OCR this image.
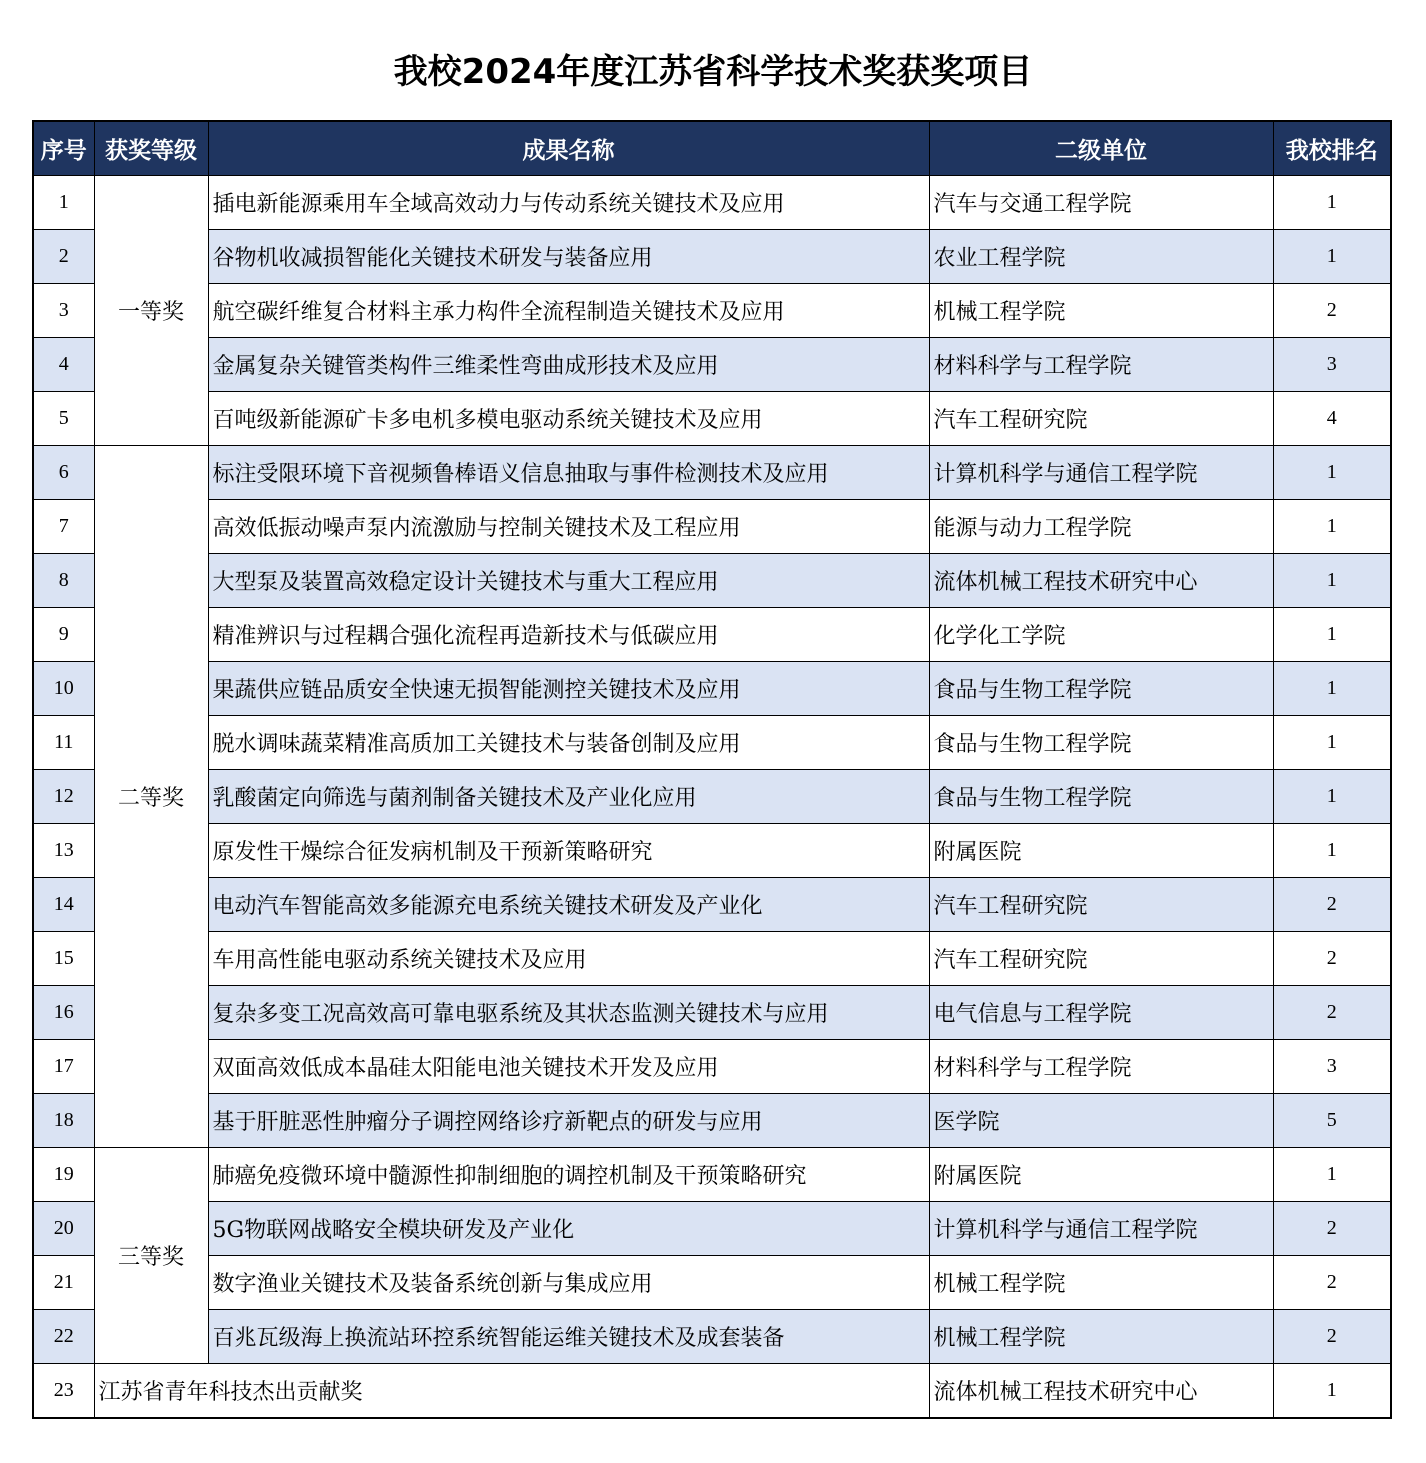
我校2024年度江苏省科学技术奖获奖项目
序号	获奖等级	成果名称	二级单位	我校排名
1	一等奖	插电新能源乘用车全域高效动力与传动系统关键技术及应用	汽车与交通工程学院	1
2		谷物机收减损智能化关键技术研发与装备应用	农业工程学院	1
3		航空碳纤维复合材料主承力构件全流程制造关键技术及应用	机械工程学院	2
4		金属复杂关键管类构件三维柔性弯曲成形技术及应用	材料科学与工程学院	3
5		百吨级新能源矿卡多电机多模电驱动系统关键技术及应用	汽车工程研究院	4
6	二等奖	标注受限环境下音视频鲁棒语义信息抽取与事件检测技术及应用	计算机科学与通信工程学院	1
7		高效低振动噪声泵内流激励与控制关键技术及工程应用	能源与动力工程学院	1
8		大型泵及装置高效稳定设计关键技术与重大工程应用	流体机械工程技术研究中心	1
9		精准辨识与过程耦合强化流程再造新技术与低碳应用	化学化工学院	1
10		果蔬供应链品质安全快速无损智能测控关键技术及应用	食品与生物工程学院	1
11		脱水调味蔬菜精准高质加工关键技术与装备创制及应用	食品与生物工程学院	1
12		乳酸菌定向筛选与菌剂制备关键技术及产业化应用	食品与生物工程学院	1
13		原发性干燥综合征发病机制及干预新策略研究	附属医院	1
14		电动汽车智能高效多能源充电系统关键技术研发及产业化	汽车工程研究院	2
15		车用高性能电驱动系统关键技术及应用	汽车工程研究院	2
16		复杂多变工况高效高可靠电驱系统及其状态监测关键技术与应用	电气信息与工程学院	2
17		双面高效低成本晶硅太阳能电池关键技术开发及应用	材料科学与工程学院	3
18		基于肝脏恶性肿瘤分子调控网络诊疗新靶点的研发与应用	医学院	5
19	三等奖	肺癌免疫微环境中髓源性抑制细胞的调控机制及干预策略研究	附属医院	1
20		5G物联网战略安全模块研发及产业化	计算机科学与通信工程学院	2
21		数字渔业关键技术及装备系统创新与集成应用	机械工程学院	2
22		百兆瓦级海上换流站环控系统智能运维关键技术及成套装备	机械工程学院	2
23	江苏省青年科技杰出贡献奖		流体机械工程技术研究中心	1
